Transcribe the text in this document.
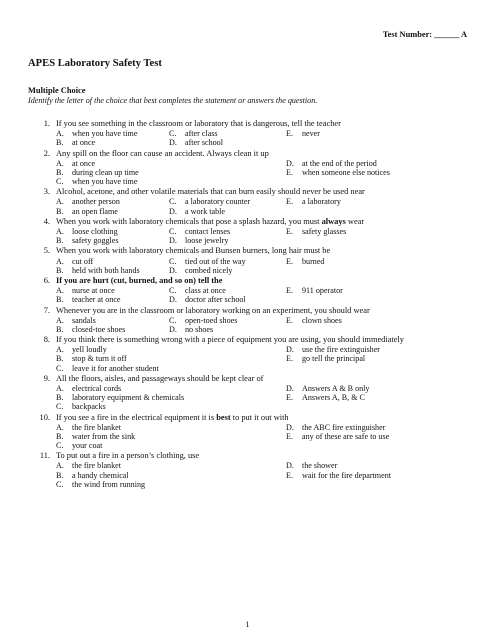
Test Number: ______ A
APES Laboratory Safety Test
Multiple Choice
Identify the letter of the choice that best completes the statement or answers the question.
1. If you see something in the classroom or laboratory that is dangerous, tell the teacher
A. when you have time	C. after class	E. never
B. at once	D. after school
2. Any spill on the floor can cause an accident. Always clean it up
A. at once	D. at the end of the period
B. during clean up time	E. when someone else notices
C. when you have time
3. Alcohol, acetone, and other volatile materials that can burn easily should never be used near
A. another person	C. a laboratory counter	E. a laboratory
B. an open flame	D. a work table
4. When you work with laboratory chemicals that pose a splash hazard, you must always wear
A. loose clothing	C. contact lenses	E. safety glasses
B. safety goggles	D. loose jewelry
5. When you work with laboratory chemicals and Bunsen burners, long hair must be
A. cut off	C. tied out of the way	E. burned
B. held with both hands	D. combed nicely
6. If you are hurt (cut, burned, and so on) tell the
A. nurse at once	C. class at once	E. 911 operator
B. teacher at once	D. doctor after school
7. Whenever you are in the classroom or laboratory working on an experiment, you should wear
A. sandals	C. open-toed shoes	E. clown shoes
B. closed-toe shoes	D. no shoes
8. If you think there is something wrong with a piece of equipment you are using, you should immediately
A. yell loudly	D. use the fire extinguisher
B. stop & turn it off	E. go tell the principal
C. leave it for another student
9. All the floors, aisles, and passageways should be kept clear of
A. electrical cords	D. Answers A & B only
B. laboratory equipment & chemicals	E. Answers A, B, & C
C. backpacks
10. If you see a fire in the electrical equipment it is best to put it out with
A. the fire blanket	D. the ABC fire extinguisher
B. water from the sink	E. any of these are safe to use
C. your coat
11. To put out a fire in a person’s clothing, use
A. the fire blanket	D. the shower
B. a handy chemical	E. wait for the fire department
C. the wind from running
1
